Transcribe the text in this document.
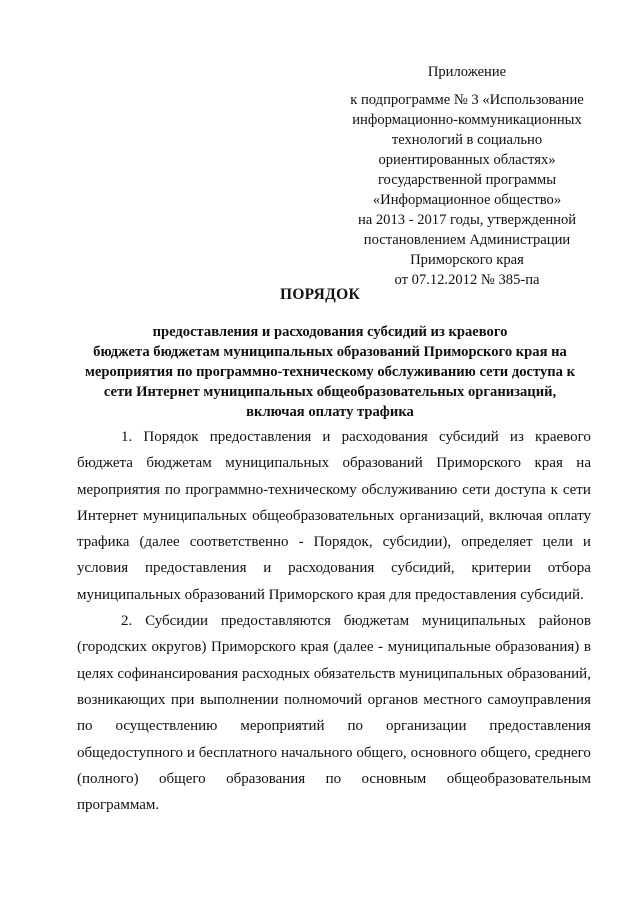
Приложение
к подпрограмме № 3 «Использование
информационно-коммуникационных
технологий в социально
ориентированных областях»
государственной программы
«Информационное общество»
на 2013 - 2017 годы, утвержденной
постановлением Администрации
Приморского края
от 07.12.2012 № 385-па
ПОРЯДОК
предоставления и расходования субсидий из краевого
бюджета бюджетам муниципальных образований Приморского края на
мероприятия по программно-техническому обслуживанию сети доступа к
сети Интернет муниципальных общеобразовательных организаций,
включая оплату трафика
1. Порядок предоставления и расходования субсидий из краевого
бюджета бюджетам муниципальных образований Приморского края на
мероприятия по программно-техническому обслуживанию сети доступа к сети
Интернет муниципальных общеобразовательных организаций, включая оплату
трафика (далее соответственно - Порядок, субсидии), определяет цели и
условия предоставления и расходования субсидий, критерии отбора
муниципальных образований Приморского края для предоставления субсидий.
2. Субсидии предоставляются бюджетам муниципальных районов
(городских округов) Приморского края (далее - муниципальные образования) в
целях софинансирования расходных обязательств муниципальных образований,
возникающих при выполнении полномочий органов местного самоуправления
по осуществлению мероприятий по организации предоставления
общедоступного и бесплатного начального общего, основного общего, среднего
(полного) общего образования по основным общеобразовательным
программам.
